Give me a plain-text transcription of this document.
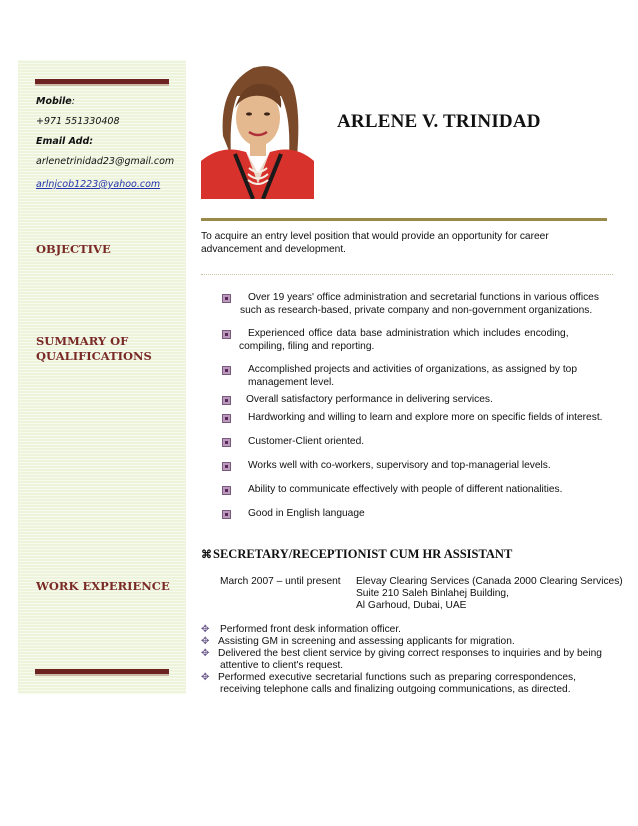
Mobile:
+971 551330408
Email Add:
arlenetrinidad23@gmail.com
arlnjcob1223@yahoo.com
OBJECTIVE
SUMMARY OF
QUALIFICATIONS
WORK EXPERIENCE
ARLENE V. TRINIDAD
To acquire an entry level position that would provide an opportunity for career
advancement and development.
Over 19 years' office administration and secretarial functions in various offices
such as research-based, private company and non-government organizations.
Experienced office data base administration which includes encoding,
compiling, filing and reporting.
Accomplished projects and activities of organizations, as assigned by top
management level.
Overall satisfactory performance in delivering services.
Hardworking and willing to learn and explore more on specific fields of interest.
Customer-Client oriented.
Works well with co-workers, supervisory and top-managerial levels.
Ability to communicate effectively with people of different nationalities.
Good in English language
⌘SECRETARY/RECEPTIONIST CUM HR ASSISTANT
March 2007 – until present Elevay Clearing Services (Canada 2000 Clearing Services)
Suite 210 Saleh Binlahej Building,
Al Garhoud, Dubai, UAE
✥ Performed front desk information officer.
✥ Assisting GM in screening and assessing applicants for migration.
✥ Delivered the best client service by giving correct responses to inquiries and by being
attentive to client's request.
✥ Performed executive secretarial functions such as preparing correspondences,
receiving telephone calls and finalizing outgoing communications, as directed.
